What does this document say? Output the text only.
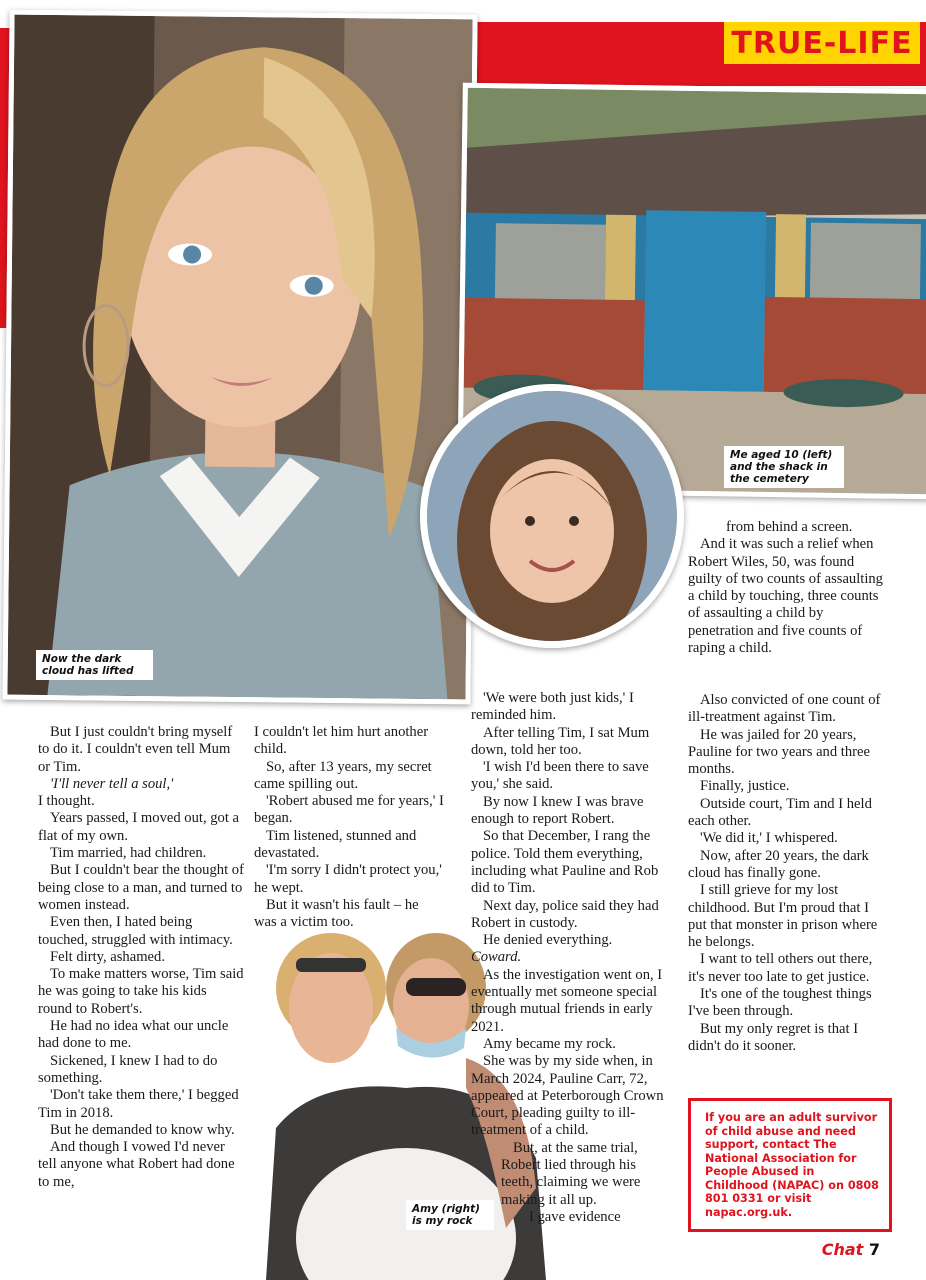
TRUE-LIFE
Now the dark cloud has lifted
Me aged 10 (left) and the shack in the cemetery
Amy (right) is my rock

But I just couldn't bring myself to do it. I couldn't even tell Mum or Tim.

'I'll never tell a soul,'

I thought.

Years passed, I moved out, got a flat of my own.

Tim married, had children.

But I couldn't bear the thought of being close to a man, and turned to women instead.

Even then, I hated being touched, struggled with intimacy.

Felt dirty, ashamed.

To make matters worse, Tim said he was going to take his kids round to Robert's.

He had no idea what our uncle had done to me.

Sickened, I knew I had to do something.

'Don't take them there,' I begged Tim in 2018.

But he demanded to know why.

And though I vowed I'd never tell anyone what Robert had done to me,

I couldn't let him hurt another child.

So, after 13 years, my secret came spilling out.

'Robert abused me for years,' I began.

Tim listened, stunned and devastated.

'I'm sorry I didn't protect you,' he wept.

But it wasn't his fault – he was a victim too.

'We were both just kids,' I reminded him.

After telling Tim, I sat Mum down, told her too.

'I wish I'd been there to save you,' she said.

By now I knew I was brave enough to report Robert.

So that December, I rang the police. Told them everything, including what Pauline and Rob did to Tim.

Next day, police said they had Robert in custody.

He denied everything.

Coward.

As the investigation went on, I eventually met someone special through mutual friends in early 2021.

Amy became my rock.

She was by my side when, in March 2024, Pauline Carr, 72, appeared at Peterborough Crown Court, pleading guilty to ill-treatment of a child.

But, at the same trial, Robert lied through his teeth, claiming we were making it all up.

I gave evidence

from behind a screen.

And it was such a relief when Robert Wiles, 50, was found guilty of two counts of assaulting a child by touching, three counts of assaulting a child by penetration and five counts of raping a child.

Also convicted of one count of ill-treatment against Tim.

He was jailed for 20 years, Pauline for two years and three months.

Finally, justice.

Outside court, Tim and I held each other.

'We did it,' I whispered.

Now, after 20 years, the dark cloud has finally gone.

I still grieve for my lost childhood. But I'm proud that I put that monster in prison where he belongs.

I want to tell others out there, it's never too late to get justice.

It's one of the toughest things I've been through.

But my only regret is that I didn't do it sooner.

If you are an adult survivor of child abuse and need support, contact The National Association for People Abused in Childhood (NAPAC) on 0808 801 0331 or visit napac.org.uk.
Chat 7
